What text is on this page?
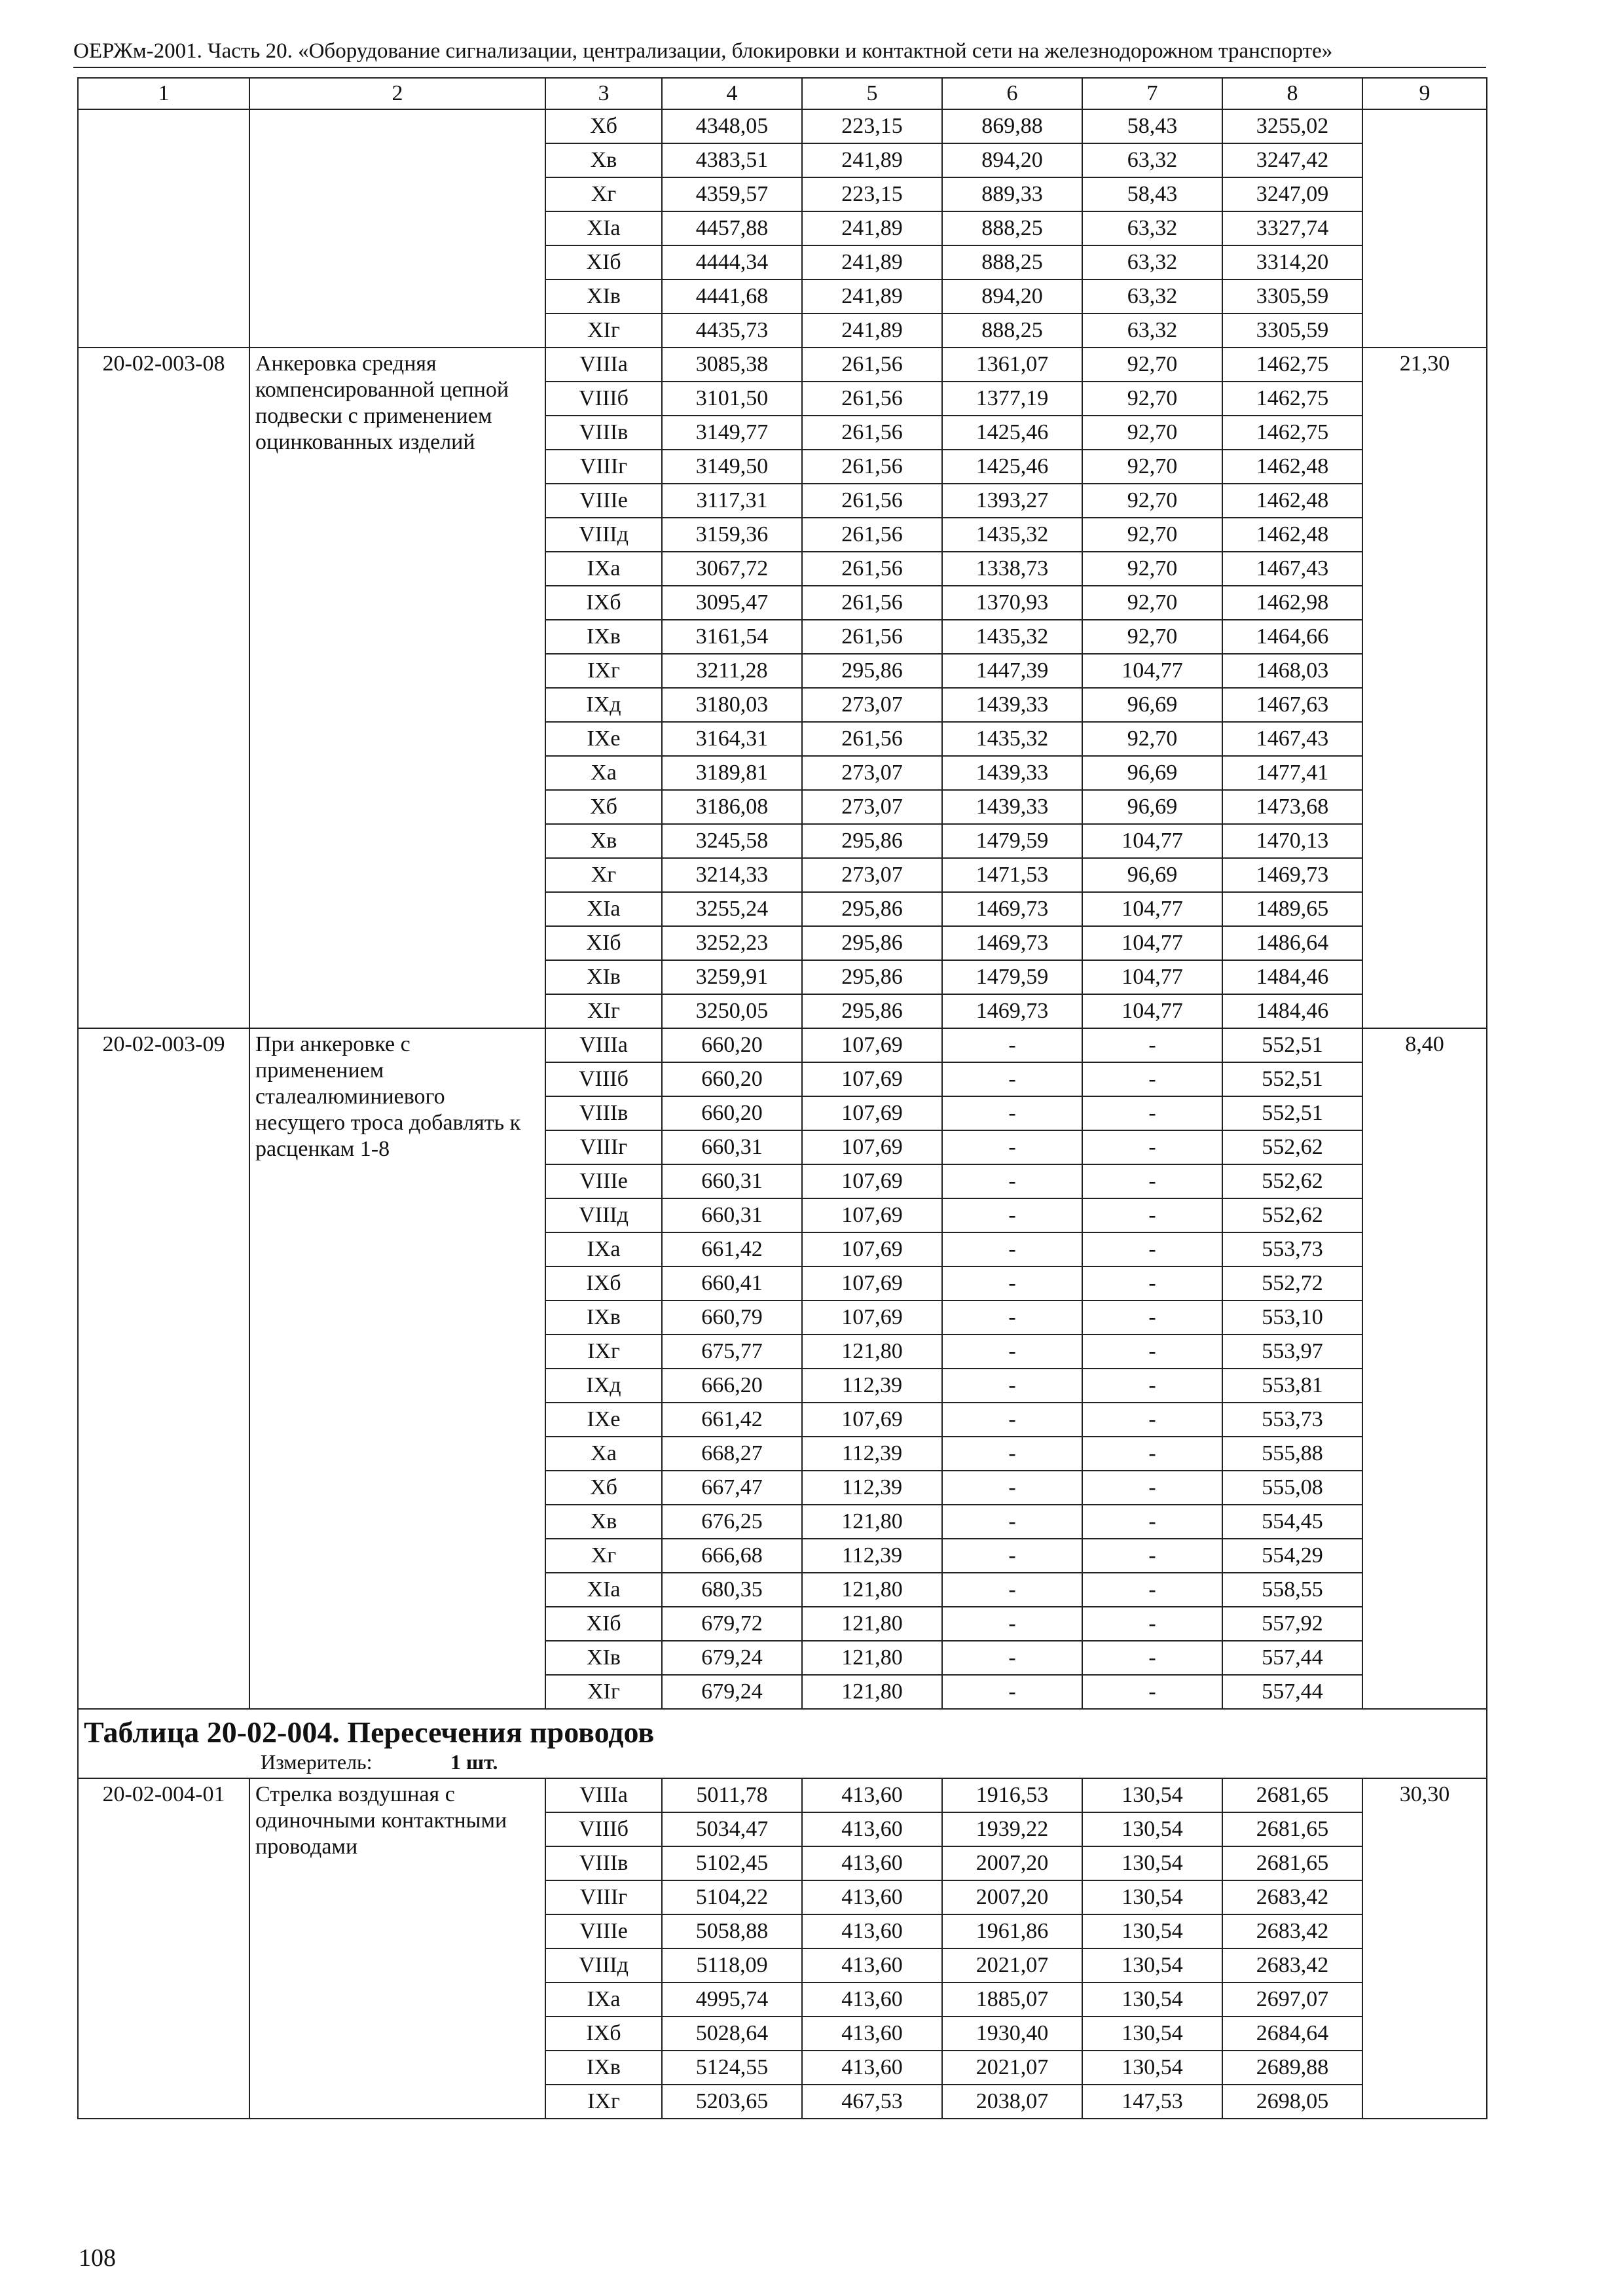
ОЕРЖм-2001. Часть 20. «Оборудование сигнализации, централизации, блокировки и контактной сети на железнодорожном транспорте»
1	2	3	4	5	6	7	8	9
		Xб	4348,05	223,15	869,88	58,43	3255,02	
		Xв	4383,51	241,89	894,20	63,32	3247,42	
		Xг	4359,57	223,15	889,33	58,43	3247,09	
		XIа	4457,88	241,89	888,25	63,32	3327,74	
		XIб	4444,34	241,89	888,25	63,32	3314,20	
		XIв	4441,68	241,89	894,20	63,32	3305,59	
		XIг	4435,73	241,89	888,25	63,32	3305,59	
20-02-003-08	Анкеровка средняя компенсированной цепной подвески с применением оцинкованных изделий	VIIIа	3085,38	261,56	1361,07	92,70	1462,75	21,30
		VIIIб	3101,50	261,56	1377,19	92,70	1462,75	
		VIIIв	3149,77	261,56	1425,46	92,70	1462,75	
		VIIIг	3149,50	261,56	1425,46	92,70	1462,48	
		VIIIе	3117,31	261,56	1393,27	92,70	1462,48	
		VIIIд	3159,36	261,56	1435,32	92,70	1462,48	
		IXа	3067,72	261,56	1338,73	92,70	1467,43	
		IXб	3095,47	261,56	1370,93	92,70	1462,98	
		IXв	3161,54	261,56	1435,32	92,70	1464,66	
		IXг	3211,28	295,86	1447,39	104,77	1468,03	
		IXд	3180,03	273,07	1439,33	96,69	1467,63	
		IXе	3164,31	261,56	1435,32	92,70	1467,43	
		Xа	3189,81	273,07	1439,33	96,69	1477,41	
		Xб	3186,08	273,07	1439,33	96,69	1473,68	
		Xв	3245,58	295,86	1479,59	104,77	1470,13	
		Xг	3214,33	273,07	1471,53	96,69	1469,73	
		XIа	3255,24	295,86	1469,73	104,77	1489,65	
		XIб	3252,23	295,86	1469,73	104,77	1486,64	
		XIв	3259,91	295,86	1479,59	104,77	1484,46	
		XIг	3250,05	295,86	1469,73	104,77	1484,46	
20-02-003-09	При анкеровке с применением сталеалюминиевого несущего троса добавлять к расценкам 1-8	VIIIа	660,20	107,69	-	-	552,51	8,40
		VIIIб	660,20	107,69	-	-	552,51	
		VIIIв	660,20	107,69	-	-	552,51	
		VIIIг	660,31	107,69	-	-	552,62	
		VIIIе	660,31	107,69	-	-	552,62	
		VIIIд	660,31	107,69	-	-	552,62	
		IXа	661,42	107,69	-	-	553,73	
		IXб	660,41	107,69	-	-	552,72	
		IXв	660,79	107,69	-	-	553,10	
		IXг	675,77	121,80	-	-	553,97	
		IXд	666,20	112,39	-	-	553,81	
		IXе	661,42	107,69	-	-	553,73	
		Xа	668,27	112,39	-	-	555,88	
		Xб	667,47	112,39	-	-	555,08	
		Xв	676,25	121,80	-	-	554,45	
		Xг	666,68	112,39	-	-	554,29	
		XIа	680,35	121,80	-	-	558,55	
		XIб	679,72	121,80	-	-	557,92	
		XIв	679,24	121,80	-	-	557,44	
		XIг	679,24	121,80	-	-	557,44	

Таблица 20-02-004. Пересечения проводов
Измеритель: 1 шт.								

20-02-004-01	Стрелка воздушная с одиночными контактными проводами	VIIIа	5011,78	413,60	1916,53	130,54	2681,65	30,30
		VIIIб	5034,47	413,60	1939,22	130,54	2681,65	
		VIIIв	5102,45	413,60	2007,20	130,54	2681,65	
		VIIIг	5104,22	413,60	2007,20	130,54	2683,42	
		VIIIе	5058,88	413,60	1961,86	130,54	2683,42	
		VIIIд	5118,09	413,60	2021,07	130,54	2683,42	
		IXа	4995,74	413,60	1885,07	130,54	2697,07	
		IXб	5028,64	413,60	1930,40	130,54	2684,64	
		IXв	5124,55	413,60	2021,07	130,54	2689,88	
		IXг	5203,65	467,53	2038,07	147,53	2698,05	
108
